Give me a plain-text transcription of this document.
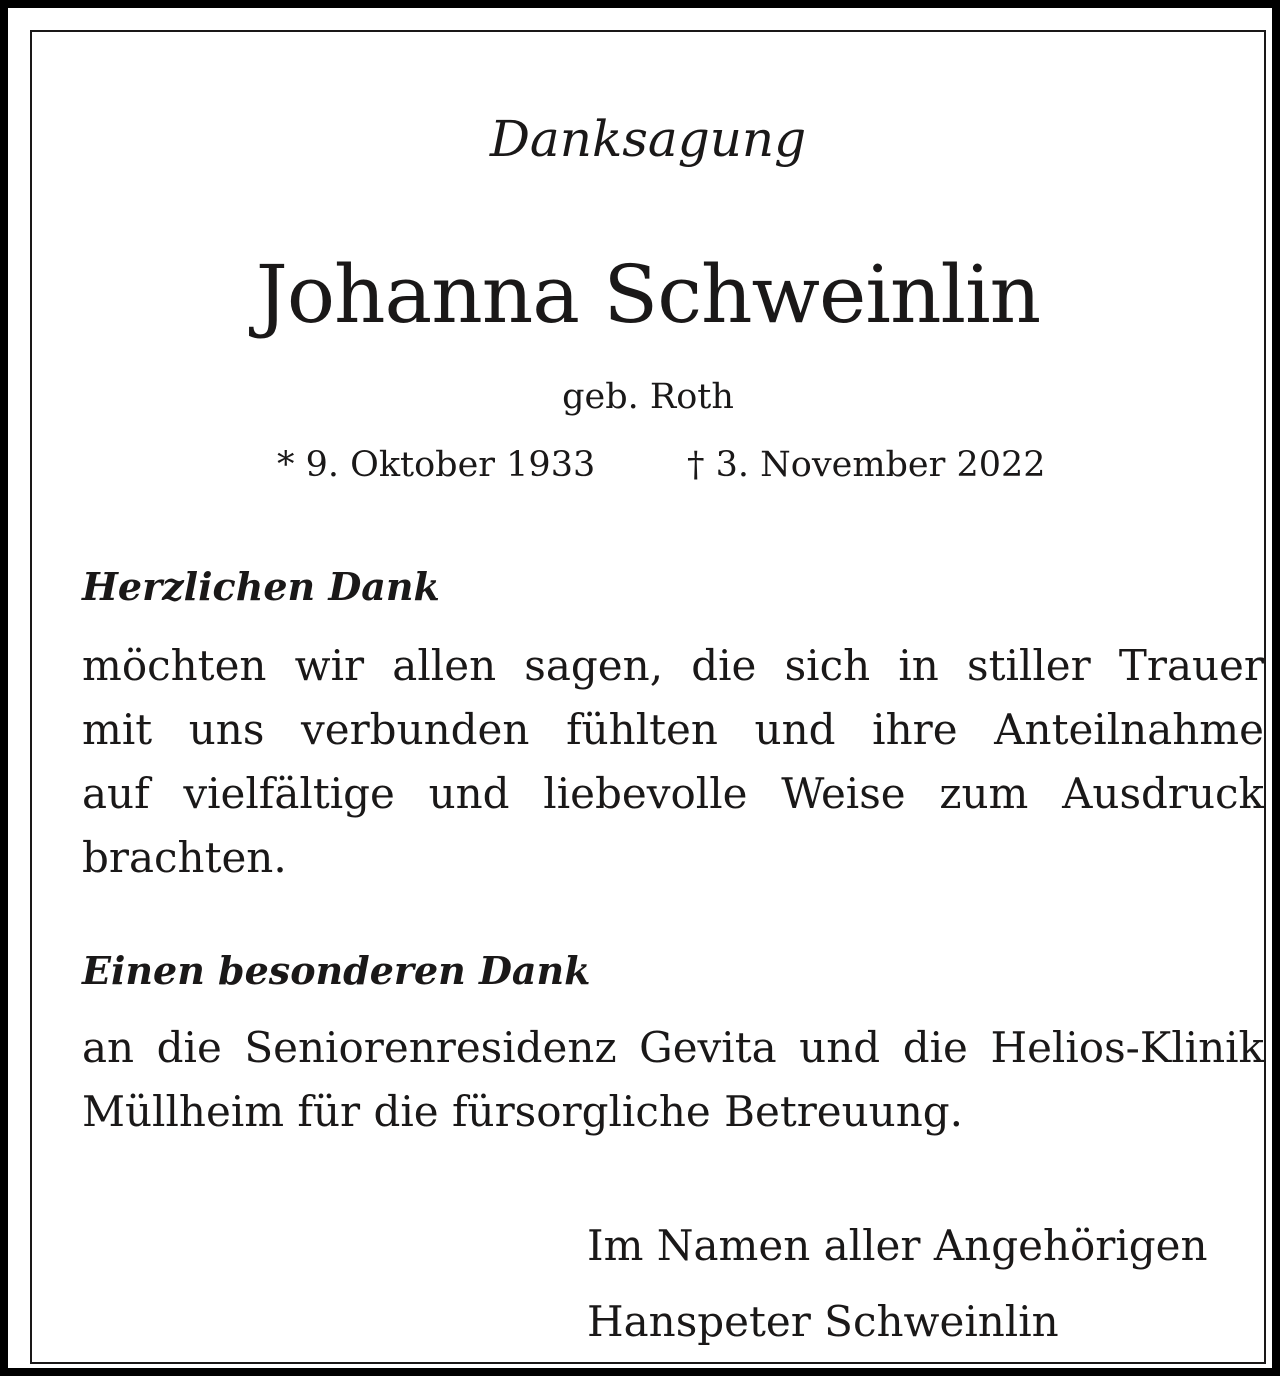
Danksagung
Johanna Schweinlin
geb. Roth
* 9. Oktober 1933	† 3. November 2022
Herzlichen Dank
möchten wir allen sagen, die sich in stiller Trauer
mit uns verbunden fühlten und ihre Anteilnahme
auf vielfältige und liebevolle Weise zum Ausdruck
brachten.
Einen besonderen Dank
an die Seniorenresidenz Gevita und die Helios-Klinik
Müllheim für die fürsorgliche Betreuung.
Im Namen aller Angehörigen
Hanspeter Schweinlin
